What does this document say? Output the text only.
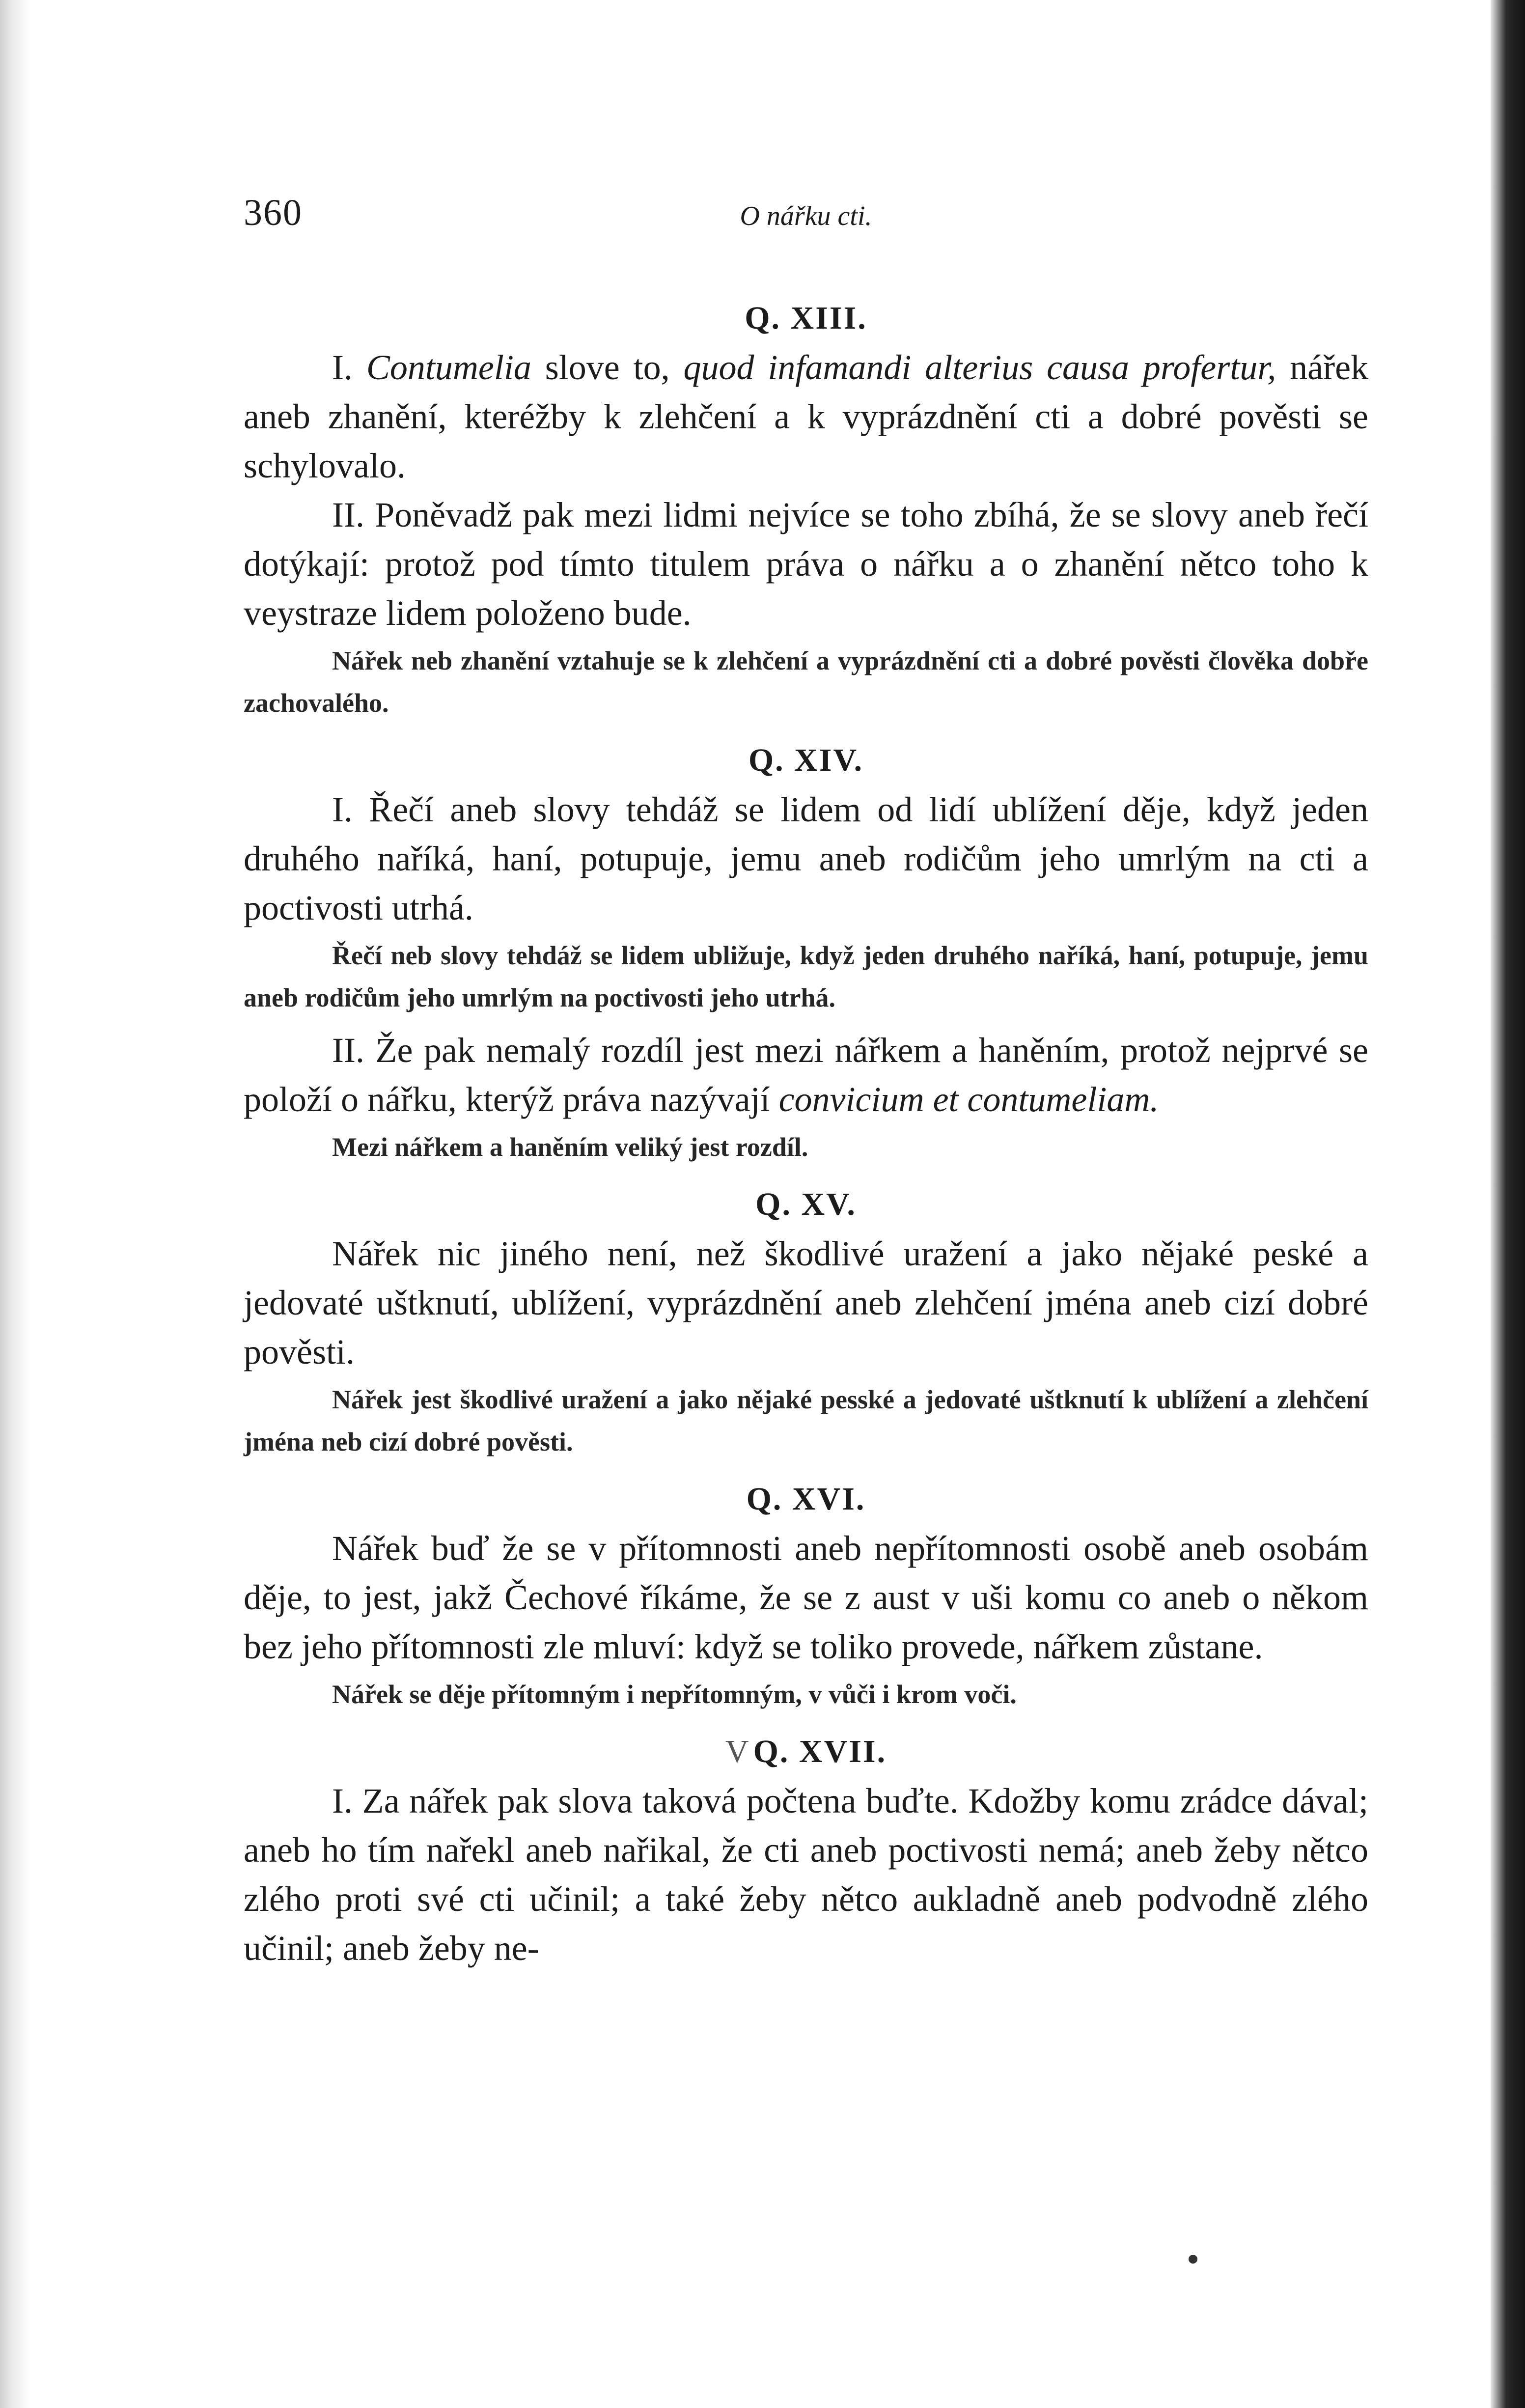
360	O nářku cti.
Q. XIII.

I. Contumelia slove to, quod infamandi alterius causa profertur, nářek aneb zhanění, kteréžby k zlehčení a k vyprázdnění cti a dobré pověsti se schylovalo.

II. Poněvadž pak mezi lidmi nejvíce se toho zbíhá, že se slovy aneb řečí dotýkají: protož pod tímto titulem práva o nářku a o zhanění nětco toho k veystraze lidem položeno bude.

Nářek neb zhanění vztahuje se k zlehčení a vyprázdnění cti a dobré pověsti člověka dobře zachovalého.

Q. XIV.

I. Řečí aneb slovy tehdáž se lidem od lidí ublížení děje, když jeden druhého naříká, haní, potupuje, jemu aneb rodičům jeho umrlým na cti a poctivosti utrhá.

Řečí neb slovy tehdáž se lidem ubližuje, když jeden druhého naříká, haní, potupuje, jemu aneb rodičům jeho umrlým na poctivosti jeho utrhá.

II. Že pak nemalý rozdíl jest mezi nářkem a haněním, protož nejprvé se položí o nářku, kterýž práva nazývají convicium et contumeliam.

Mezi nářkem a haněním veliký jest rozdíl.

Q. XV.

Nářek nic jiného není, než škodlivé uražení a jako nějaké peské a jedovaté uštknutí, ublížení, vyprázdnění aneb zlehčení jména aneb cizí dobré pověsti.

Nářek jest škodlivé uražení a jako nějaké pesské a jedovaté uštknutí k ublížení a zlehčení jména neb cizí dobré pověsti.

Q. XVI.

Nářek buď že se v přítomnosti aneb nepřítomnosti osobě aneb osobám děje, to jest, jakž Čechové říkáme, že se z aust v uši komu co aneb o někom bez jeho přítomnosti zle mluví: když se toliko provede, nářkem zůstane.

Nářek se děje přítomným i nepřítomným, v vůči i krom voči.

VQ. XVII.

I. Za nářek pak slova taková počtena buďte. Kdožby komu zrádce dával; aneb ho tím nařekl aneb nařikal, že cti aneb poctivosti nemá; aneb žeby nětco zlého proti své cti učinil; a také žeby nětco aukladně aneb podvodně zlého učinil; aneb žeby ne-
